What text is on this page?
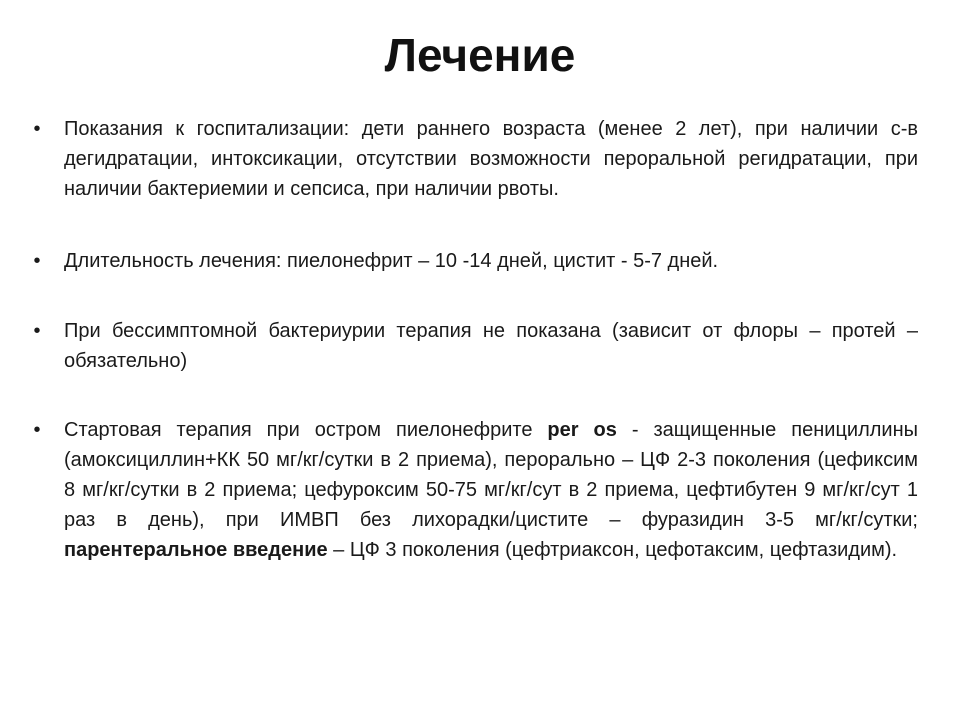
Лечение
• Показания к госпитализации: дети раннего возраста (менее 2 лет), при наличии с-в дегидратации, интоксикации, отсутствии возможности пероральной регидратации, при наличии бактериемии и сепсиса, при наличии рвоты.
• Длительность лечения: пиелонефрит – 10 -14 дней, цистит - 5-7 дней.
• При бессимптомной бактериурии терапия не показана (зависит от флоры – протей – обязательно)
• Стартовая терапия при остром пиелонефрите per os - защищенные пенициллины (амоксициллин+КК 50 мг/кг/сутки в 2 приема), перорально – ЦФ 2-3 поколения (цефиксим 8 мг/кг/сутки в 2 приема; цефуроксим 50-75 мг/кг/сут в 2 приема, цефтибутен 9 мг/кг/сут 1 раз в день), при ИМВП без лихорадки/цистите – фуразидин 3-5 мг/кг/сутки; парентеральное введение – ЦФ 3 поколения (цефтриаксон, цефотаксим, цефтазидим).
